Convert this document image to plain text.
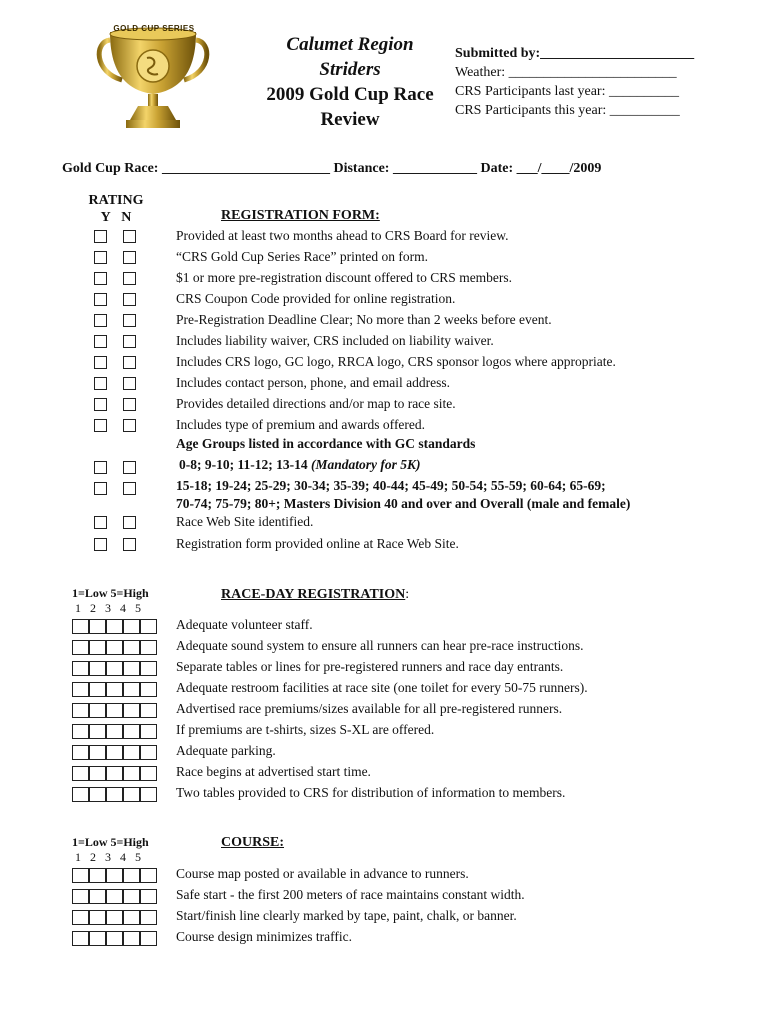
GOLD CUP SERIES
Calumet Region
Striders
2009 Gold Cup Race
Review
Submitted by:______________________
Weather: ________________________
CRS Participants last year: __________
CRS Participants this year: __________
Gold Cup Race: ________________________ Distance: ____________ Date: ___/____/2009
RATING
Y N	REGISTRATION FORM:
Provided at least two months ahead to CRS Board for review.
“CRS Gold Cup Series Race” printed on form.
$1 or more pre-registration discount offered to CRS members.
CRS Coupon Code provided for online registration.
Pre-Registration Deadline Clear; No more than 2 weeks before event.
Includes liability waiver, CRS included on liability waiver.
Includes CRS logo, GC logo, RRCA logo, CRS sponsor logos where appropriate.
Includes contact person, phone, and email address.
Provides detailed directions and/or map to race site.
Includes type of premium and awards offered.
Age Groups listed in accordance with GC standards
0-8; 9-10; 11-12; 13-14 (Mandatory for 5K)
15-18; 19-24; 25-29; 30-34; 35-39; 40-44; 45-49; 50-54; 55-59; 60-64; 65-69;
70-74; 75-79; 80+; Masters Division 40 and over and Overall (male and female)
Race Web Site identified.
Registration form provided online at Race Web Site.
1=Low 5=High
1   2   3   4   5
RACE-DAY REGISTRATION:
Adequate volunteer staff.
Adequate sound system to ensure all runners can hear pre-race instructions.
Separate tables or lines for pre-registered runners and race day entrants.
Adequate restroom facilities at race site (one toilet for every 50-75 runners).
Advertised race premiums/sizes available for all pre-registered runners.
If premiums are t-shirts, sizes S-XL are offered.
Adequate parking.
Race begins at advertised start time.
Two tables provided to CRS for distribution of information to members.
1=Low 5=High
1   2   3   4   5
COURSE:
Course map posted or available in advance to runners.
Safe start - the first 200 meters of race maintains constant width.
Start/finish line clearly marked by tape, paint, chalk, or banner.
Course design minimizes traffic.
